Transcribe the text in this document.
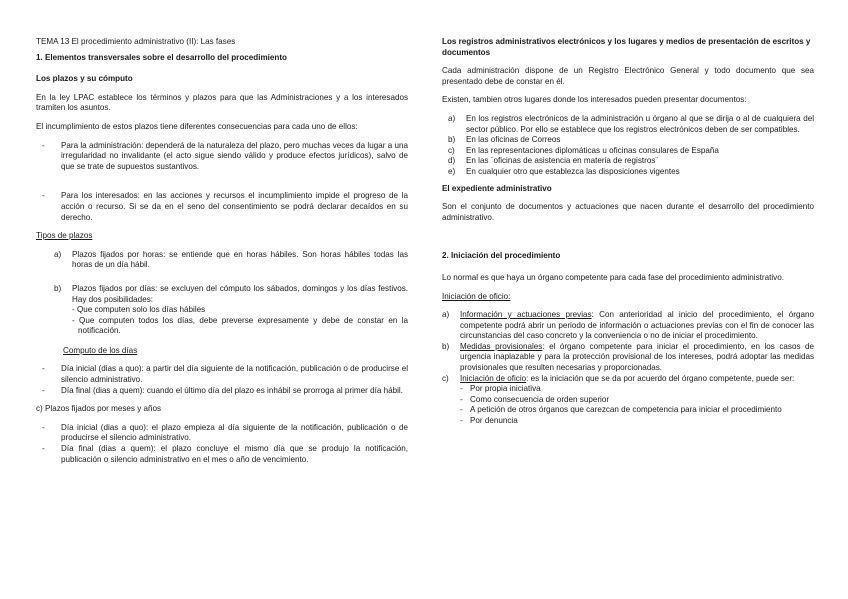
TEMA 13 El procedimiento administrativo (II): Las fases

1. Elementos transversales sobre el desarrollo del procedimiento

Los plazos y su cómputo

En la ley LPAC establece los términos y plazos para que las Administraciones y a los interesados tramiten los asuntos.

El incumplimiento de estos plazos tiene diferentes consecuencias para cada uno de ellos:

-	Para la administración: dependerá de la naturaleza del plazo, pero muchas veces da lugar a una irregularidad no invalidante (el acto sigue siendo válido y produce efectos jurídicos), salvo de que se trate de supuestos sustantivos.
-	Para los interesados: en las acciones y recursos el incumplimiento impide el progreso de la acción o recurso. Si se da en el seno del consentimiento se podrá declarar decaídos en su derecho.

Tipos de plazos

a)	Plazos fijados por horas: se entiende que en horas hábiles. Son horas hábiles todas las horas de un día hábil.
b)	Plazos fijados por días: se excluyen del cómputo los sábados, domingos y los días festivos. Hay dos posibilidades:
- Que computen solo los días hábiles
- Que computen todos los días, debe preverse expresamente y debe de constar en la notificación.

Computo de los días

-	Día inicial (dias a quo): a partir del día siguiente de la notificación, publicación o de producirse el silencio administrativo.
-	Día final (dias a quem): cuando el último día del plazo es inhábil se prorroga al primer día hábil.

c) Plazos fijados por meses y años

-	Día inicial (dias a quo): el plazo empieza al día siguiente de la notificación, publicación o de producirse el silencio administrativo.
-	Día final (dias a quem): el plazo concluye el mismo día que se produjo la notificación, publicación o silencio administrativo en el mes o año de vencimiento.

Los registros administrativos electrónicos y los lugares y medios de presentación de escritos y documentos

Cada administración dispone de un Registro Electrónico General y todo documento que sea presentado debe de constar en él.

Existen, tambien otros lugares donde los interesados pueden presentar documentos:

a)	En los registros electrónicos de la administración u órgano al que se dirija o al de cualquiera del sector público. Por ello se establece que los registros electrónicos deben de ser compatibles.
b)	En las oficinas de Correos
c)	En las representaciones diplomáticas u oficinas consulares de España
d)	En las ¨oficinas de asistencia en materia de registros¨
e)	En cualquier otro que establezca las disposiciones vigentes

El expediente administrativo

Son el conjunto de documentos y actuaciones que nacen durante el desarrollo del procedimiento administrativo.

2. Iniciación del procedimiento

Lo normal es que haya un órgano competente para cada fase del procedimiento administrativo.

Iniciación de oficio:

a)	Información y actuaciones previas: Con anterioridad al inicio del procedimiento, el órgano competente podrá abrir un periodo de información o actuaciones previas con el fin de conocer las circunstancias del caso concreto y la conveniencia o no de iniciar el procedimiento.
b)	Medidas provisionales: el órgano competente para iniciar el procedimiento, en los casos de urgencia inaplazable y para la protección provisional de los intereses, podrá adoptar las medidas provisionales que resulten necesarias y proporcionadas.
c)	Iniciación de oficio: es la iniciación que se da por acuerdo del órgano competente, puede ser:
- Por propia iniciativa
- Como consecuencia de orden superior
- A petición de otros órganos que carezcan de competencia para iniciar el procedimiento
- Por denuncia
